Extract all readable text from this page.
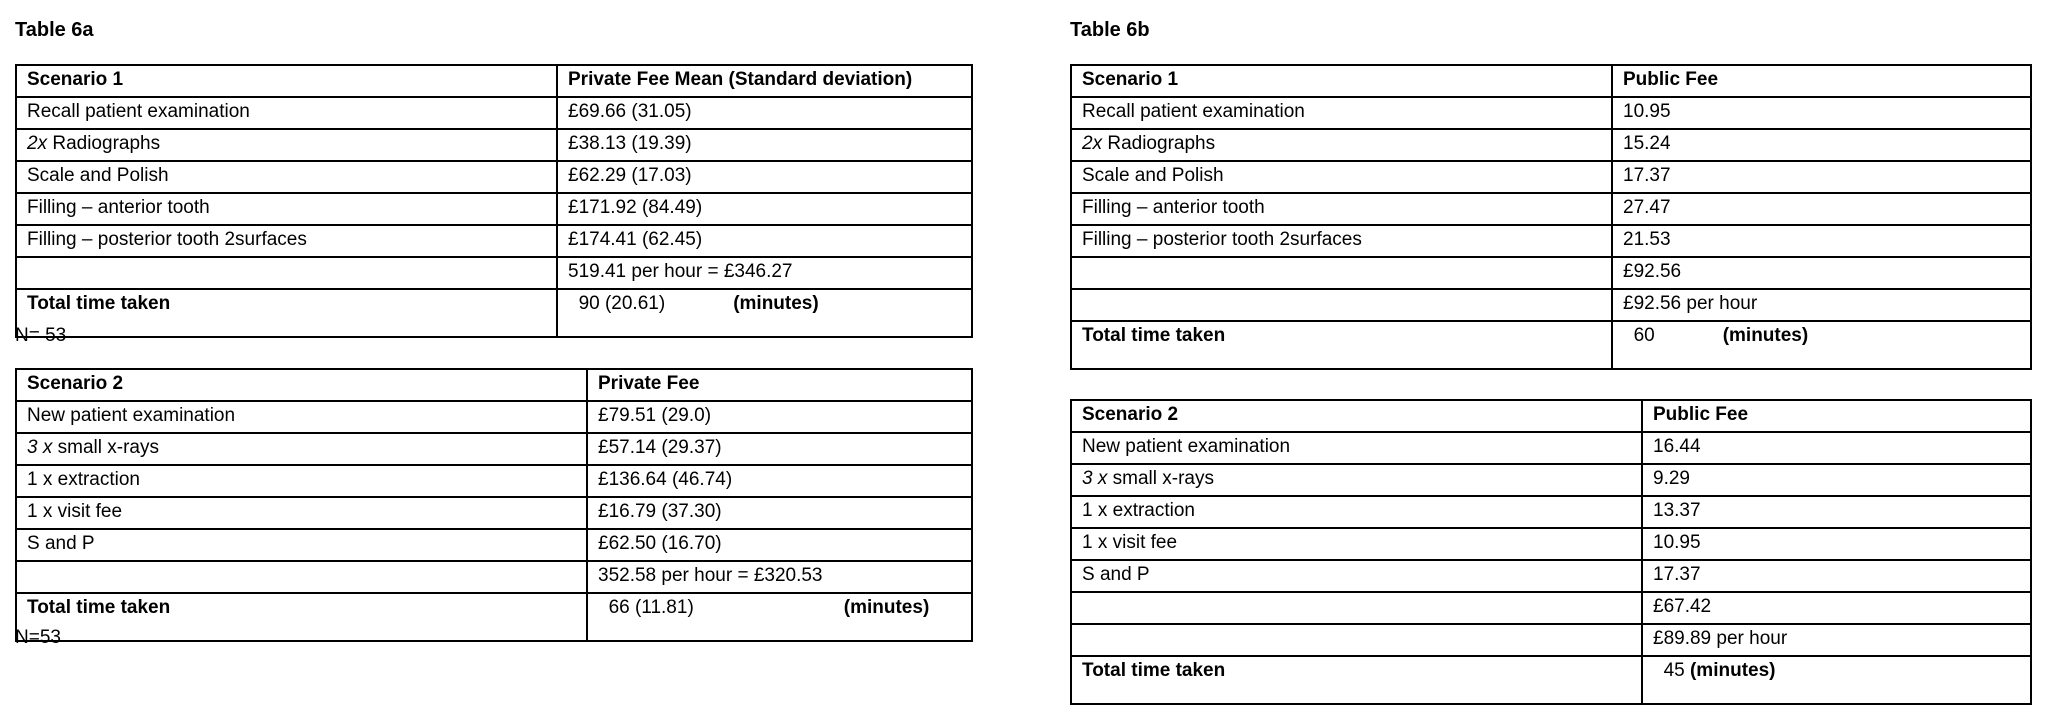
Table 6a
Scenario 1	Private Fee Mean (Standard deviation)
Recall patient examination	£69.66 (31.05)
2x Radiographs	£38.13 (19.39)
Scale and Polish	£62.29 (17.03)
Filling – anterior tooth	£171.92 (84.49)
Filling – posterior tooth 2surfaces	£174.41 (62.45)
	519.41 per hour = £346.27
Total time taken	90 (20.61) (minutes)
N= 53
Scenario 2	Private Fee
New patient examination	£79.51 (29.0)
3 x small x-rays	£57.14 (29.37)
1 x extraction	£136.64 (46.74)
1 x visit fee	£16.79 (37.30)
S and P	£62.50 (16.70)
	352.58 per hour = £320.53
Total time taken	66 (11.81) (minutes)
N=53
Table 6b
Scenario 1	Public Fee
Recall patient examination	10.95
2x Radiographs	15.24
Scale and Polish	17.37
Filling – anterior tooth	27.47
Filling – posterior tooth 2surfaces	21.53
	£92.56
	£92.56 per hour
Total time taken	60 (minutes)
Scenario 2	Public Fee
New patient examination	16.44
3 x small x-rays	9.29
1 x extraction	13.37
1 x visit fee	10.95
S and P	17.37
	£67.42
	£89.89 per hour
Total time taken	45 (minutes)
